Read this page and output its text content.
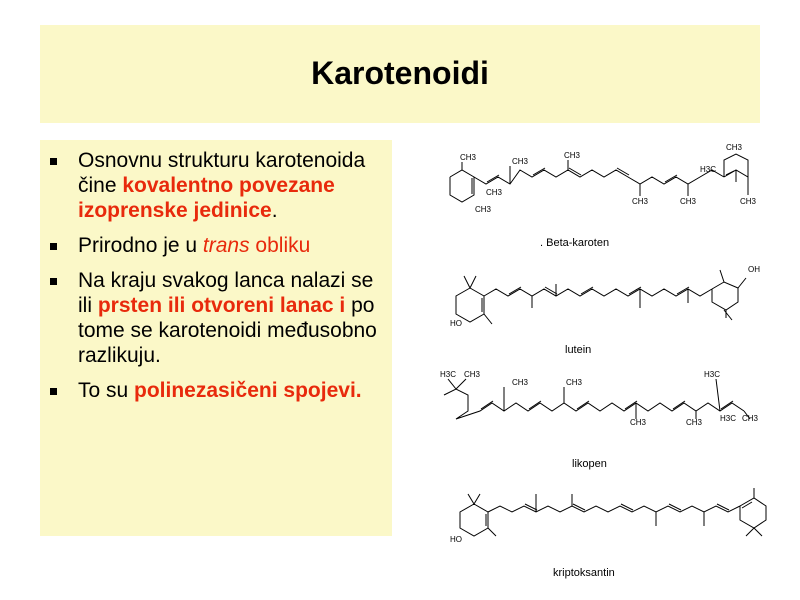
Karotenoidi
Osnovnu strukturu karotenoida čine kovalentno povezane izoprenske jedinice.
Prirodno je u trans obliku
Na kraju svakog lanca nalazi se ili prsten ili otvoreni lanac i po tome se karotenoidi međusobno razlikuju.
To su polinezasičeni spojevi.
CH3	CH3
CH3
CH3
CH3
H3C
CH3
CH3	CH3	CH3
. Beta-karoten
OH
HO
lutein
H3C CH3
CH3	CH3
CH3	CH3
H3C
H3C CH3
likopen
HO
kriptoksantin
